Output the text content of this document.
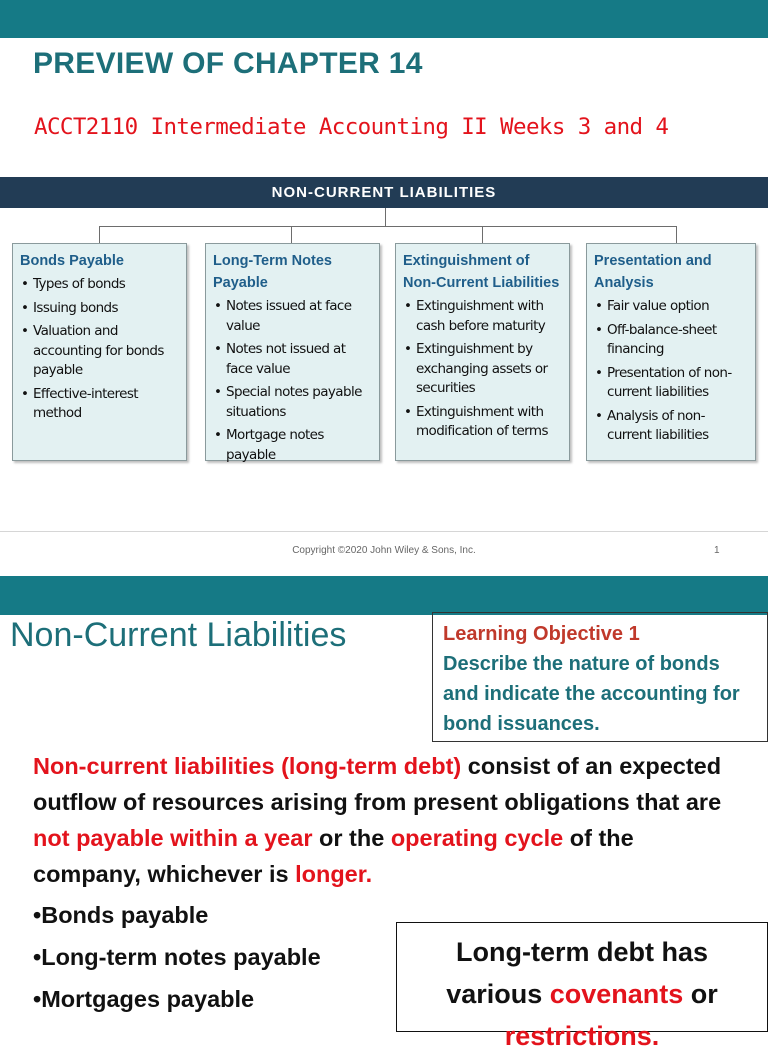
PREVIEW OF CHAPTER 14
ACCT2110 Intermediate Accounting II Weeks 3 and 4
NON-CURRENT LIABILITIES
Bonds Payable
• Types of bonds
• Issuing bonds
• Valuation and accounting for bonds payable
• Effective-interest method
Long-Term Notes Payable
• Notes issued at face value
• Notes not issued at face value
• Special notes payable situations
• Mortgage notes payable
Extinguishment of Non-Current Liabilities
• Extinguishment with cash before maturity
• Extinguishment by exchanging assets or securities
• Extinguishment with modification of terms
Presentation and Analysis
• Fair value option
• Off-balance-sheet financing
• Presentation of non-current liabilities
• Analysis of non-current liabilities
Copyright ©2020 John Wiley & Sons, Inc.	1
Non-Current Liabilities	Learning Objective 1
Describe the nature of bonds and indicate the accounting for bond issuances.
Non-current liabilities (long-term debt) consist of an expected outflow of resources arising from present obligations that are not payable within a year or the operating cycle of the company, whichever is longer.
•Bonds payable
•Long-term notes payable
•Mortgages payable
Long-term debt has
various covenants or
restrictions.
